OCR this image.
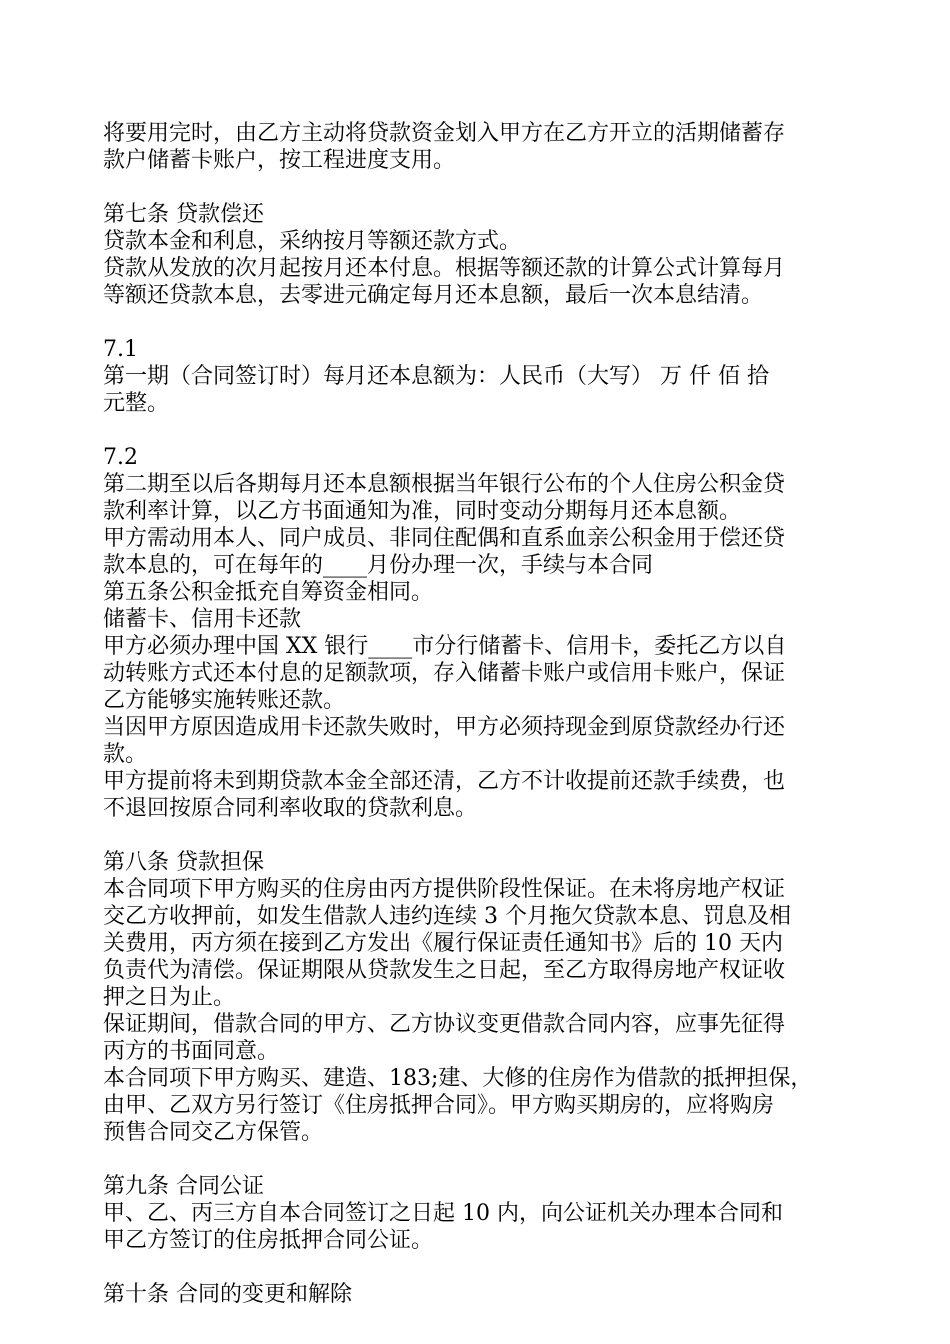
将要用完时，由乙方主动将贷款资金划入甲方在乙方开立的活期储蓄存
款户储蓄卡账户，按工程进度支用。
第七条 贷款偿还
贷款本金和利息，采纳按月等额还款方式。
贷款从发放的次月起按月还本付息。根据等额还款的计算公式计算每月
等额还贷款本息，去零进元确定每月还本息额，最后一次本息结清。
7.1
第一期（合同签订时）每月还本息额为：人民币（大写） 万 仟 佰 拾
元整。
7.2
第二期至以后各期每月还本息额根据当年银行公布的个人住房公积金贷
款利率计算，以乙方书面通知为准，同时变动分期每月还本息额。
甲方需动用本人、同户成员、非同住配偶和直系血亲公积金用于偿还贷
款本息的，可在每年的____月份办理一次，手续与本合同
第五条公积金抵充自筹资金相同。
储蓄卡、信用卡还款
甲方必须办理中国 XX 银行____市分行储蓄卡、信用卡，委托乙方以自
动转账方式还本付息的足额款项，存入储蓄卡账户或信用卡账户，保证
乙方能够实施转账还款。
当因甲方原因造成用卡还款失败时，甲方必须持现金到原贷款经办行还
款。
甲方提前将未到期贷款本金全部还清，乙方不计收提前还款手续费，也
不退回按原合同利率收取的贷款利息。
第八条 贷款担保
本合同项下甲方购买的住房由丙方提供阶段性保证。在未将房地产权证
交乙方收押前，如发生借款人违约连续 3 个月拖欠贷款本息、罚息及相
关费用，丙方须在接到乙方发出《履行保证责任通知书》后的 10 天内
负责代为清偿。保证期限从贷款发生之日起，至乙方取得房地产权证收
押之日为止。
保证期间，借款合同的甲方、乙方协议变更借款合同内容，应事先征得
丙方的书面同意。
本合同项下甲方购买、建造、183;建、大修的住房作为借款的抵押担保，
由甲、乙双方另行签订《住房抵押合同》。甲方购买期房的，应将购房
预售合同交乙方保管。
第九条 合同公证
甲、乙、丙三方自本合同签订之日起 10 内，向公证机关办理本合同和
甲乙方签订的住房抵押合同公证。
第十条 合同的变更和解除
